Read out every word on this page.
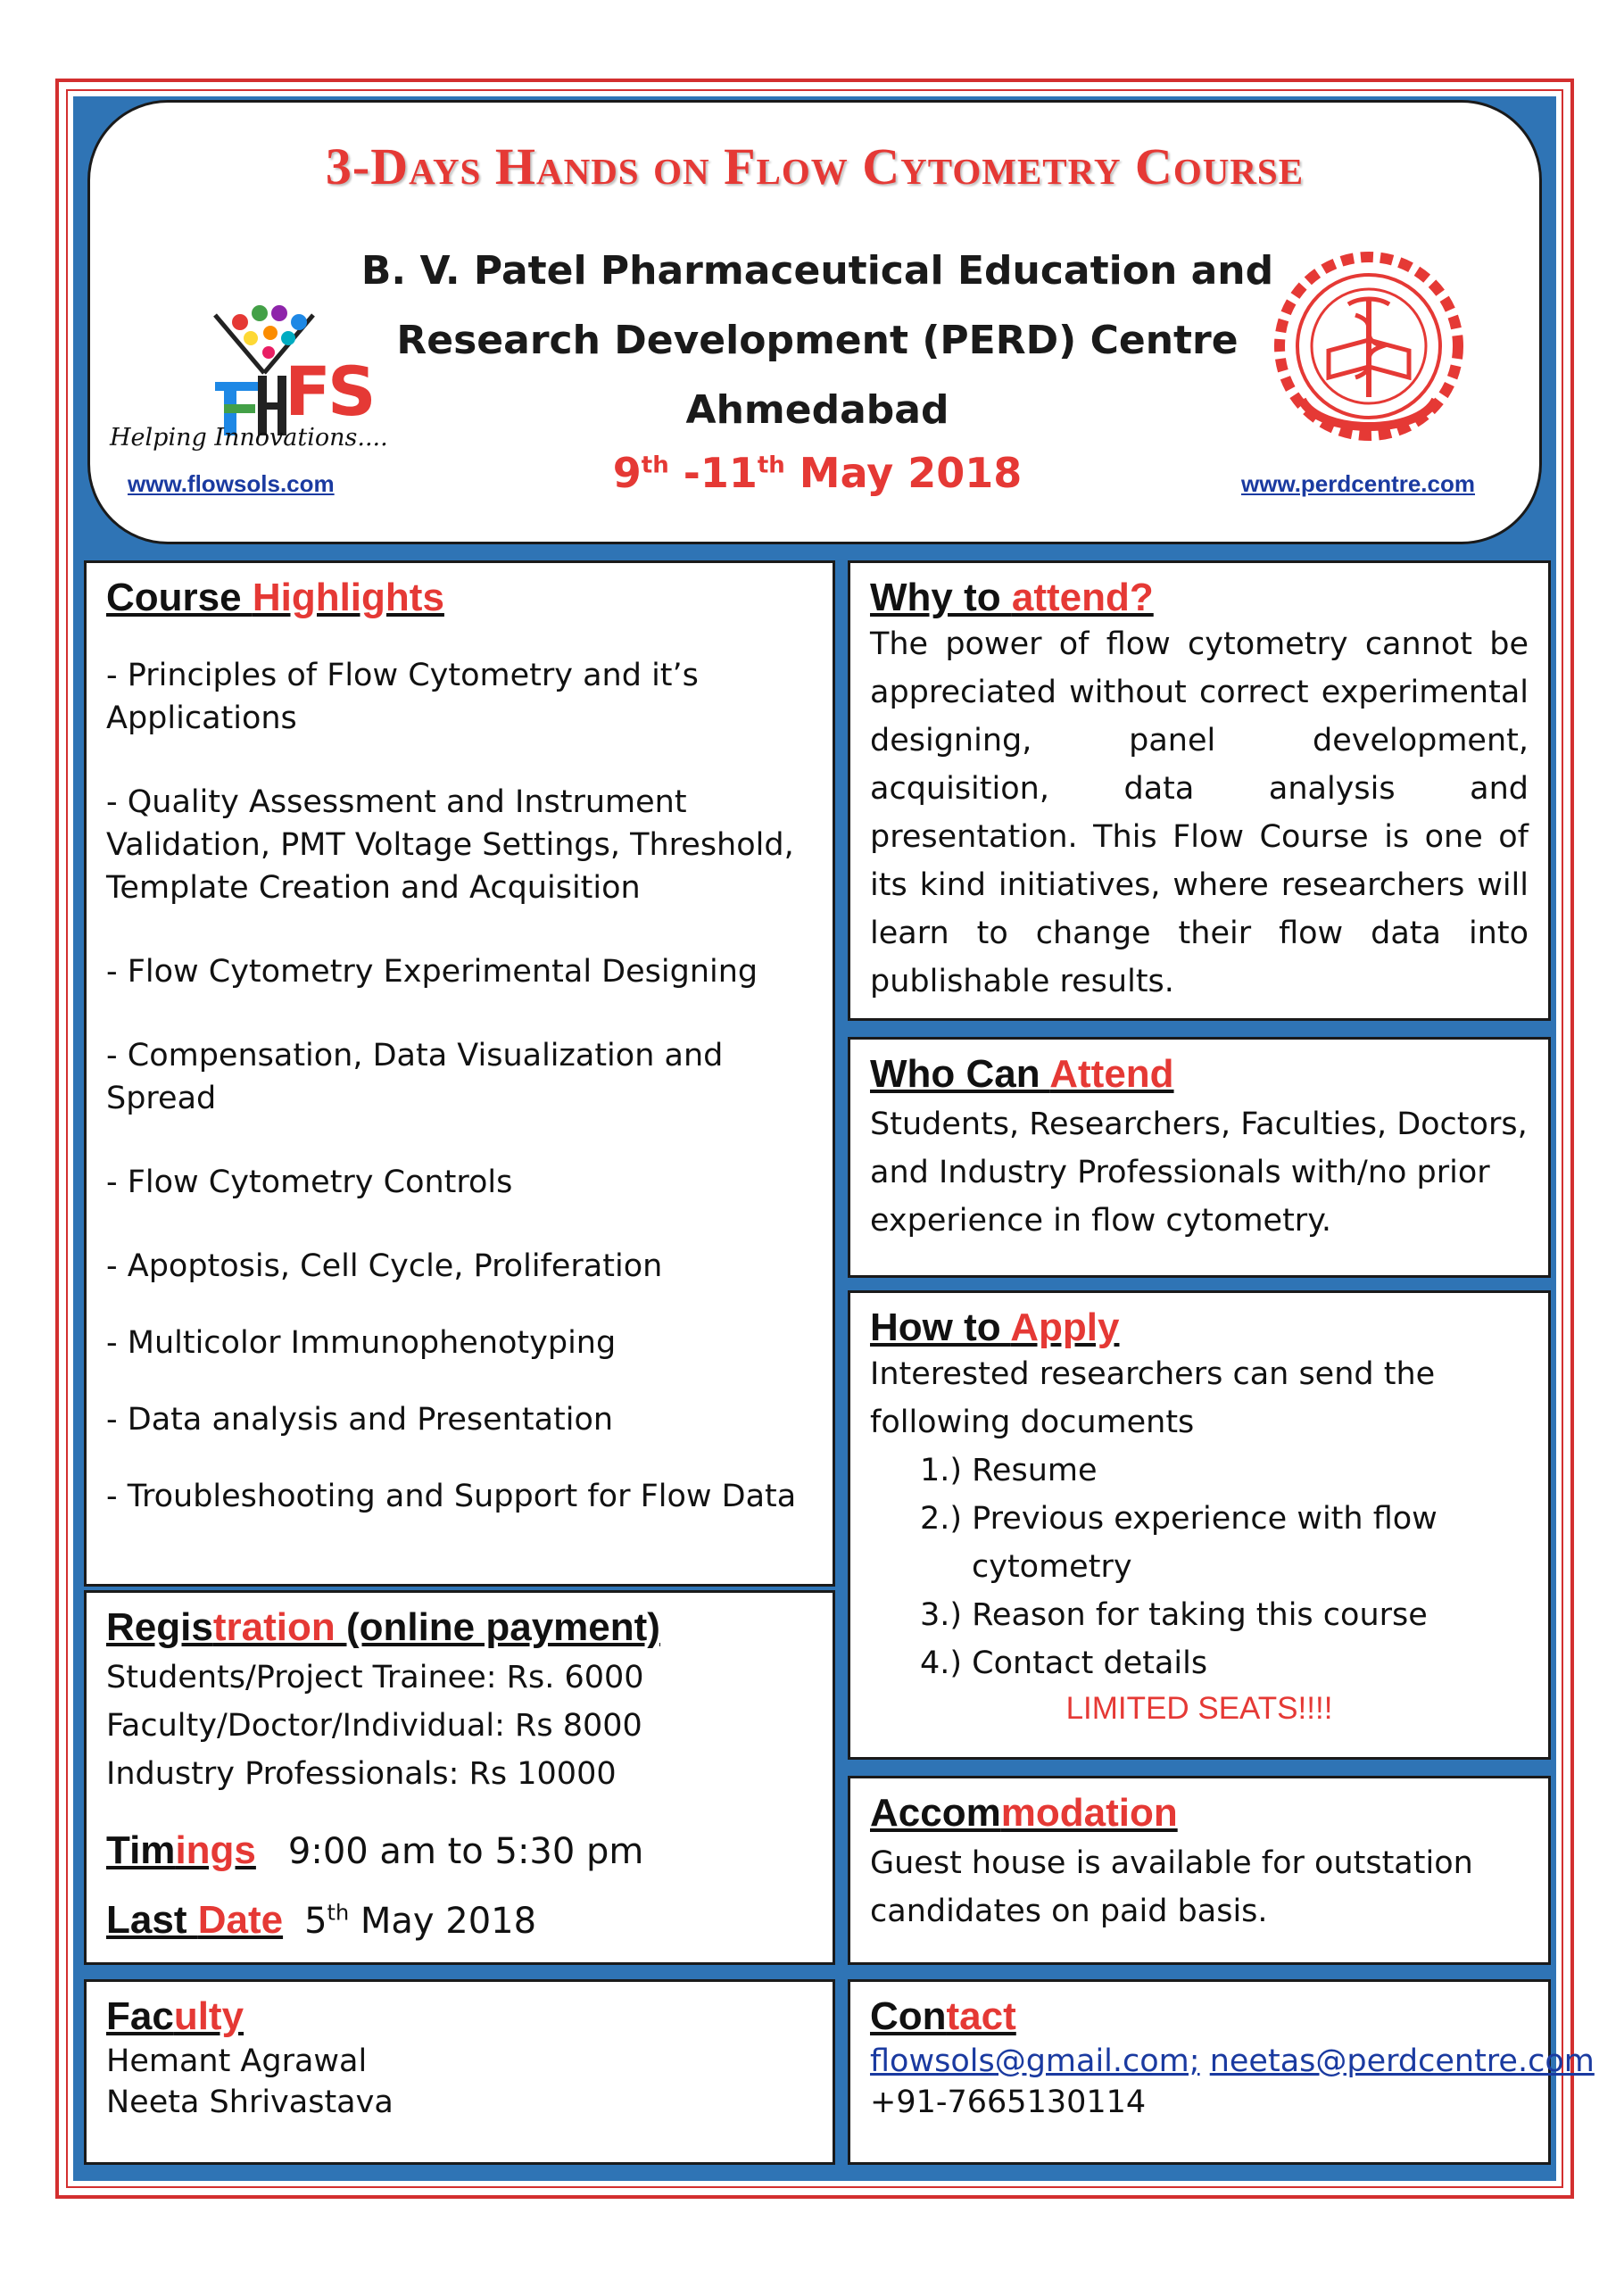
3-Days Hands on Flow Cytometry Course
FS
Helping Innovations....
www.flowsols.com
B. V. Patel Pharmaceutical Education and
Research Development (PERD) Centre
Ahmedabad
9th -11th May 2018	www.perdcentre.com
Course Highlights
- Principles of Flow Cytometry and it’s Applications
- Quality Assessment and Instrument Validation, PMT Voltage Settings, Threshold, Template Creation and Acquisition
- Flow Cytometry Experimental Designing
- Compensation, Data Visualization and Spread
- Flow Cytometry Controls
- Apoptosis, Cell Cycle, Proliferation
- Multicolor Immunophenotyping
- Data analysis and Presentation
- Troubleshooting and Support for Flow Data
Why to attend?
The power of flow cytometry cannot be appreciated without correct experimental designing, panel development, acquisition, data analysis and presentation. This Flow Course is one of its kind initiatives, where researchers will learn to change their flow data into publishable results.
Who Can Attend
Students, Researchers, Faculties, Doctors, and Industry Professionals with/no prior experience in flow cytometry.
How to Apply
Interested researchers can send the following documents
1.) Resume
2.) Previous experience with flow cytometry
3.) Reason for taking this course
4.) Contact details
LIMITED SEATS!!!!
Registration (online payment)
Students/Project Trainee: Rs. 6000
Faculty/Doctor/Individual: Rs 8000
Industry Professionals: Rs 10000
Timings 9:00 am to 5:30 pm
Last Date 5th May 2018
Accommodation
Guest house is available for outstation candidates on paid basis.
Faculty
Hemant Agrawal
Neeta Shrivastava
Contact
flowsols@gmail.com; neetas@perdcentre.com
+91-7665130114
